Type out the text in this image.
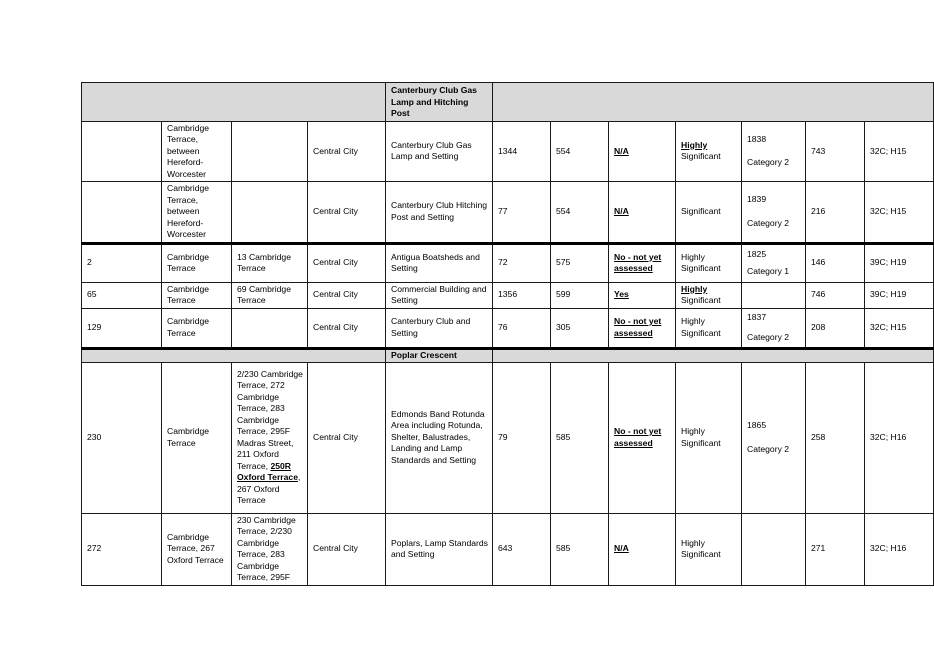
				Canterbury Club Gas Lamp and Hitching Post							
	Cambridge Terrace, between Hereford-Worcester		Central City	Canterbury Club Gas Lamp and Setting	1344	554	N/A	Highly
Significant	1838
Category 2	743	32C; H15
	Cambridge Terrace, between Hereford-Worcester		Central City	Canterbury Club Hitching Post and Setting	77	554	N/A	Significant	1839
Category 2	216	32C; H15
2	Cambridge Terrace	13 Cambridge Terrace	Central City	Antigua Boatsheds and Setting	72	575	No - not yet assessed	Highly Significant	1825
Category 1	146	39C; H19
65	Cambridge Terrace	69 Cambridge Terrace	Central City	Commercial Building and Setting	1356	599	Yes	Highly
Significant		746	39C; H19
129	Cambridge Terrace		Central City	Canterbury Club and Setting	76	305	No - not yet assessed	Highly Significant	1837
Category 2	208	32C; H15
				Poplar Crescent							
230	Cambridge Terrace	2/230 Cambridge Terrace, 272 Cambridge Terrace, 283 Cambridge Terrace, 295F Madras Street, 211 Oxford Terrace, 250R Oxford Terrace, 267 Oxford Terrace	Central City	Edmonds Band Rotunda Area including Rotunda, Shelter, Balustrades, Landing and Lamp Standards and Setting	79	585	No - not yet assessed	Highly Significant	1865
Category 2	258	32C; H16
272	Cambridge Terrace, 267 Oxford Terrace	230 Cambridge Terrace, 2/230 Cambridge Terrace, 283 Cambridge Terrace, 295F	Central City	Poplars, Lamp Standards and Setting	643	585	N/A	Highly Significant		271	32C; H16
